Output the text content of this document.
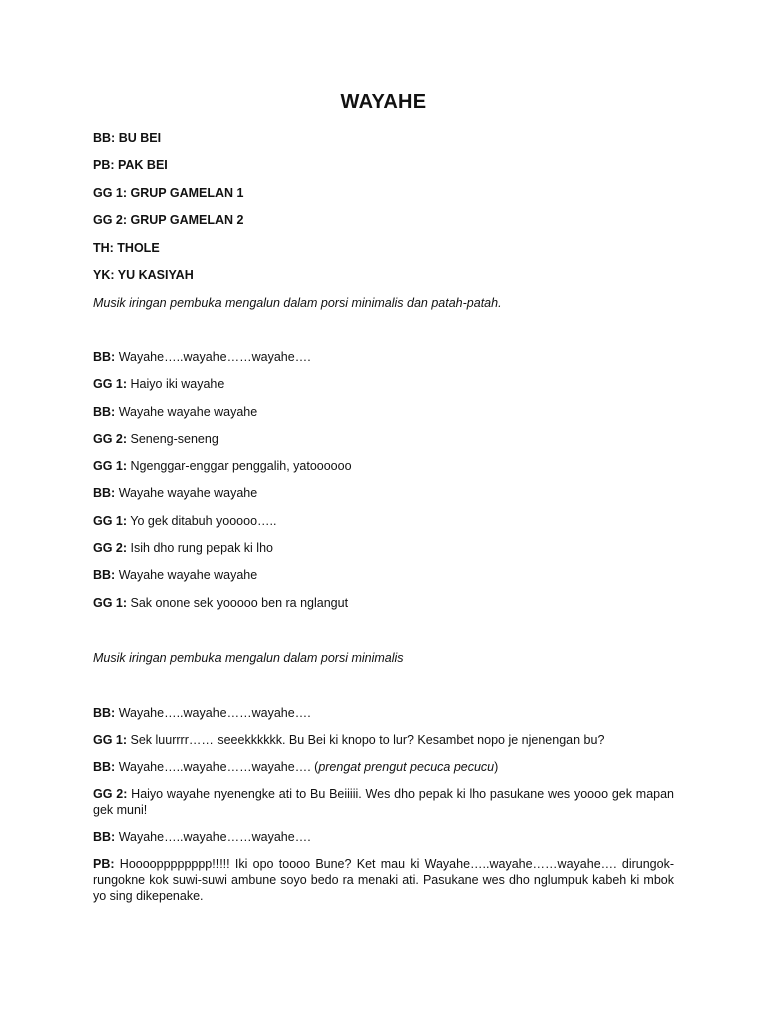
WAYAHE
BB: BU BEI
PB: PAK BEI
GG 1: GRUP GAMELAN 1
GG 2: GRUP GAMELAN 2
TH: THOLE
YK: YU KASIYAH
Musik iringan pembuka mengalun dalam porsi minimalis dan patah-patah.
BB: Wayahe…..wayahe……wayahe….
GG 1: Haiyo iki wayahe
BB: Wayahe wayahe wayahe
GG 2: Seneng-seneng
GG 1: Ngenggar-enggar penggalih, yatoooooo
BB: Wayahe wayahe wayahe
GG 1: Yo gek ditabuh yooooo…..
GG 2: Isih dho rung pepak ki lho
BB: Wayahe wayahe wayahe
GG 1: Sak onone sek yooooo ben ra nglangut
Musik iringan pembuka mengalun dalam porsi minimalis
BB: Wayahe…..wayahe……wayahe….
GG 1: Sek luurrrr…… seeekkkkkk. Bu Bei ki knopo to lur? Kesambet nopo je njenengan bu?
BB: Wayahe…..wayahe……wayahe…. (prengat prengut pecuca pecucu)
GG 2: Haiyo wayahe nyenengke ati to Bu Beiiiii. Wes dho pepak ki lho pasukane wes yoooo gek mapan gek muni!
BB: Wayahe…..wayahe……wayahe….
PB: Hoooopppppppp!!!!! Iki opo toooo Bune? Ket mau ki Wayahe…..wayahe……wayahe…. dirungok-rungokne kok suwi-suwi ambune soyo bedo ra menaki ati. Pasukane wes dho nglumpuk kabeh ki mbok yo sing dikepenake.
